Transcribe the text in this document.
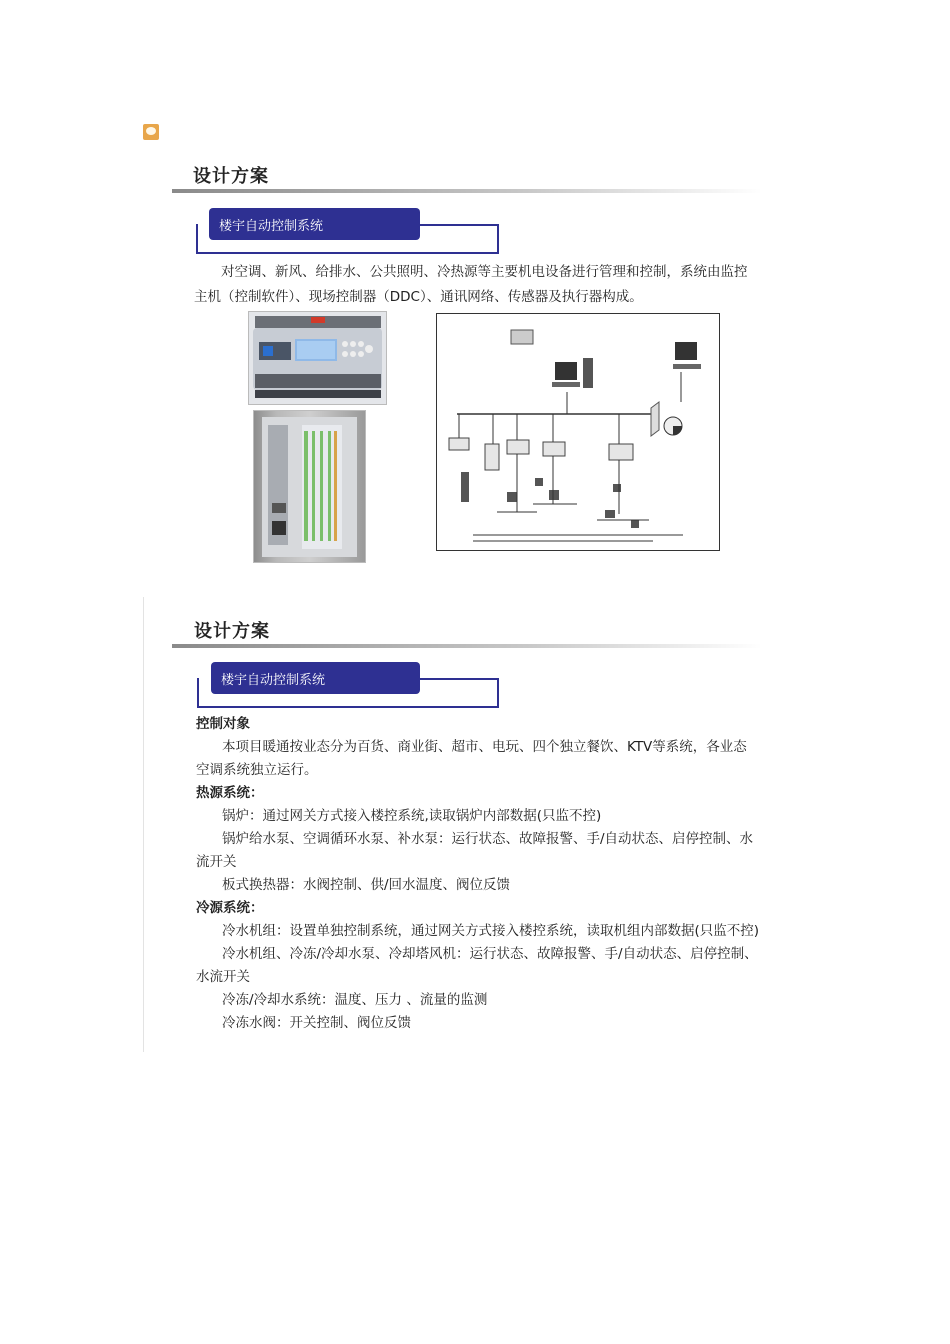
设计方案
楼宇自动控制系统
对空调、新风、给排水、公共照明、冷热源等主要机电设备进行管理和控制，系统由监控
主机（控制软件）、现场控制器（DDC）、通讯网络、传感器及执行器构成。
设计方案
楼宇自动控制系统
控制对象
本项目暖通按业态分为百货、商业街、超市、电玩、四个独立餐饮、KTV等系统，各业态
空调系统独立运行。
热源系统：
锅炉：通过网关方式接入楼控系统,读取锅炉内部数据(只监不控)
锅炉给水泵、空调循环水泵、补水泵：运行状态、故障报警、手/自动状态、启停控制、水
流开关
板式换热器：水阀控制、供/回水温度、阀位反馈
冷源系统：
冷水机组：设置单独控制系统，通过网关方式接入楼控系统，读取机组内部数据(只监不控)
冷水机组、冷冻/冷却水泵、冷却塔风机：运行状态、故障报警、手/自动状态、启停控制、
水流开关
冷冻/冷却水系统：温度、压力 、流量的监测
冷冻水阀：开关控制、阀位反馈
